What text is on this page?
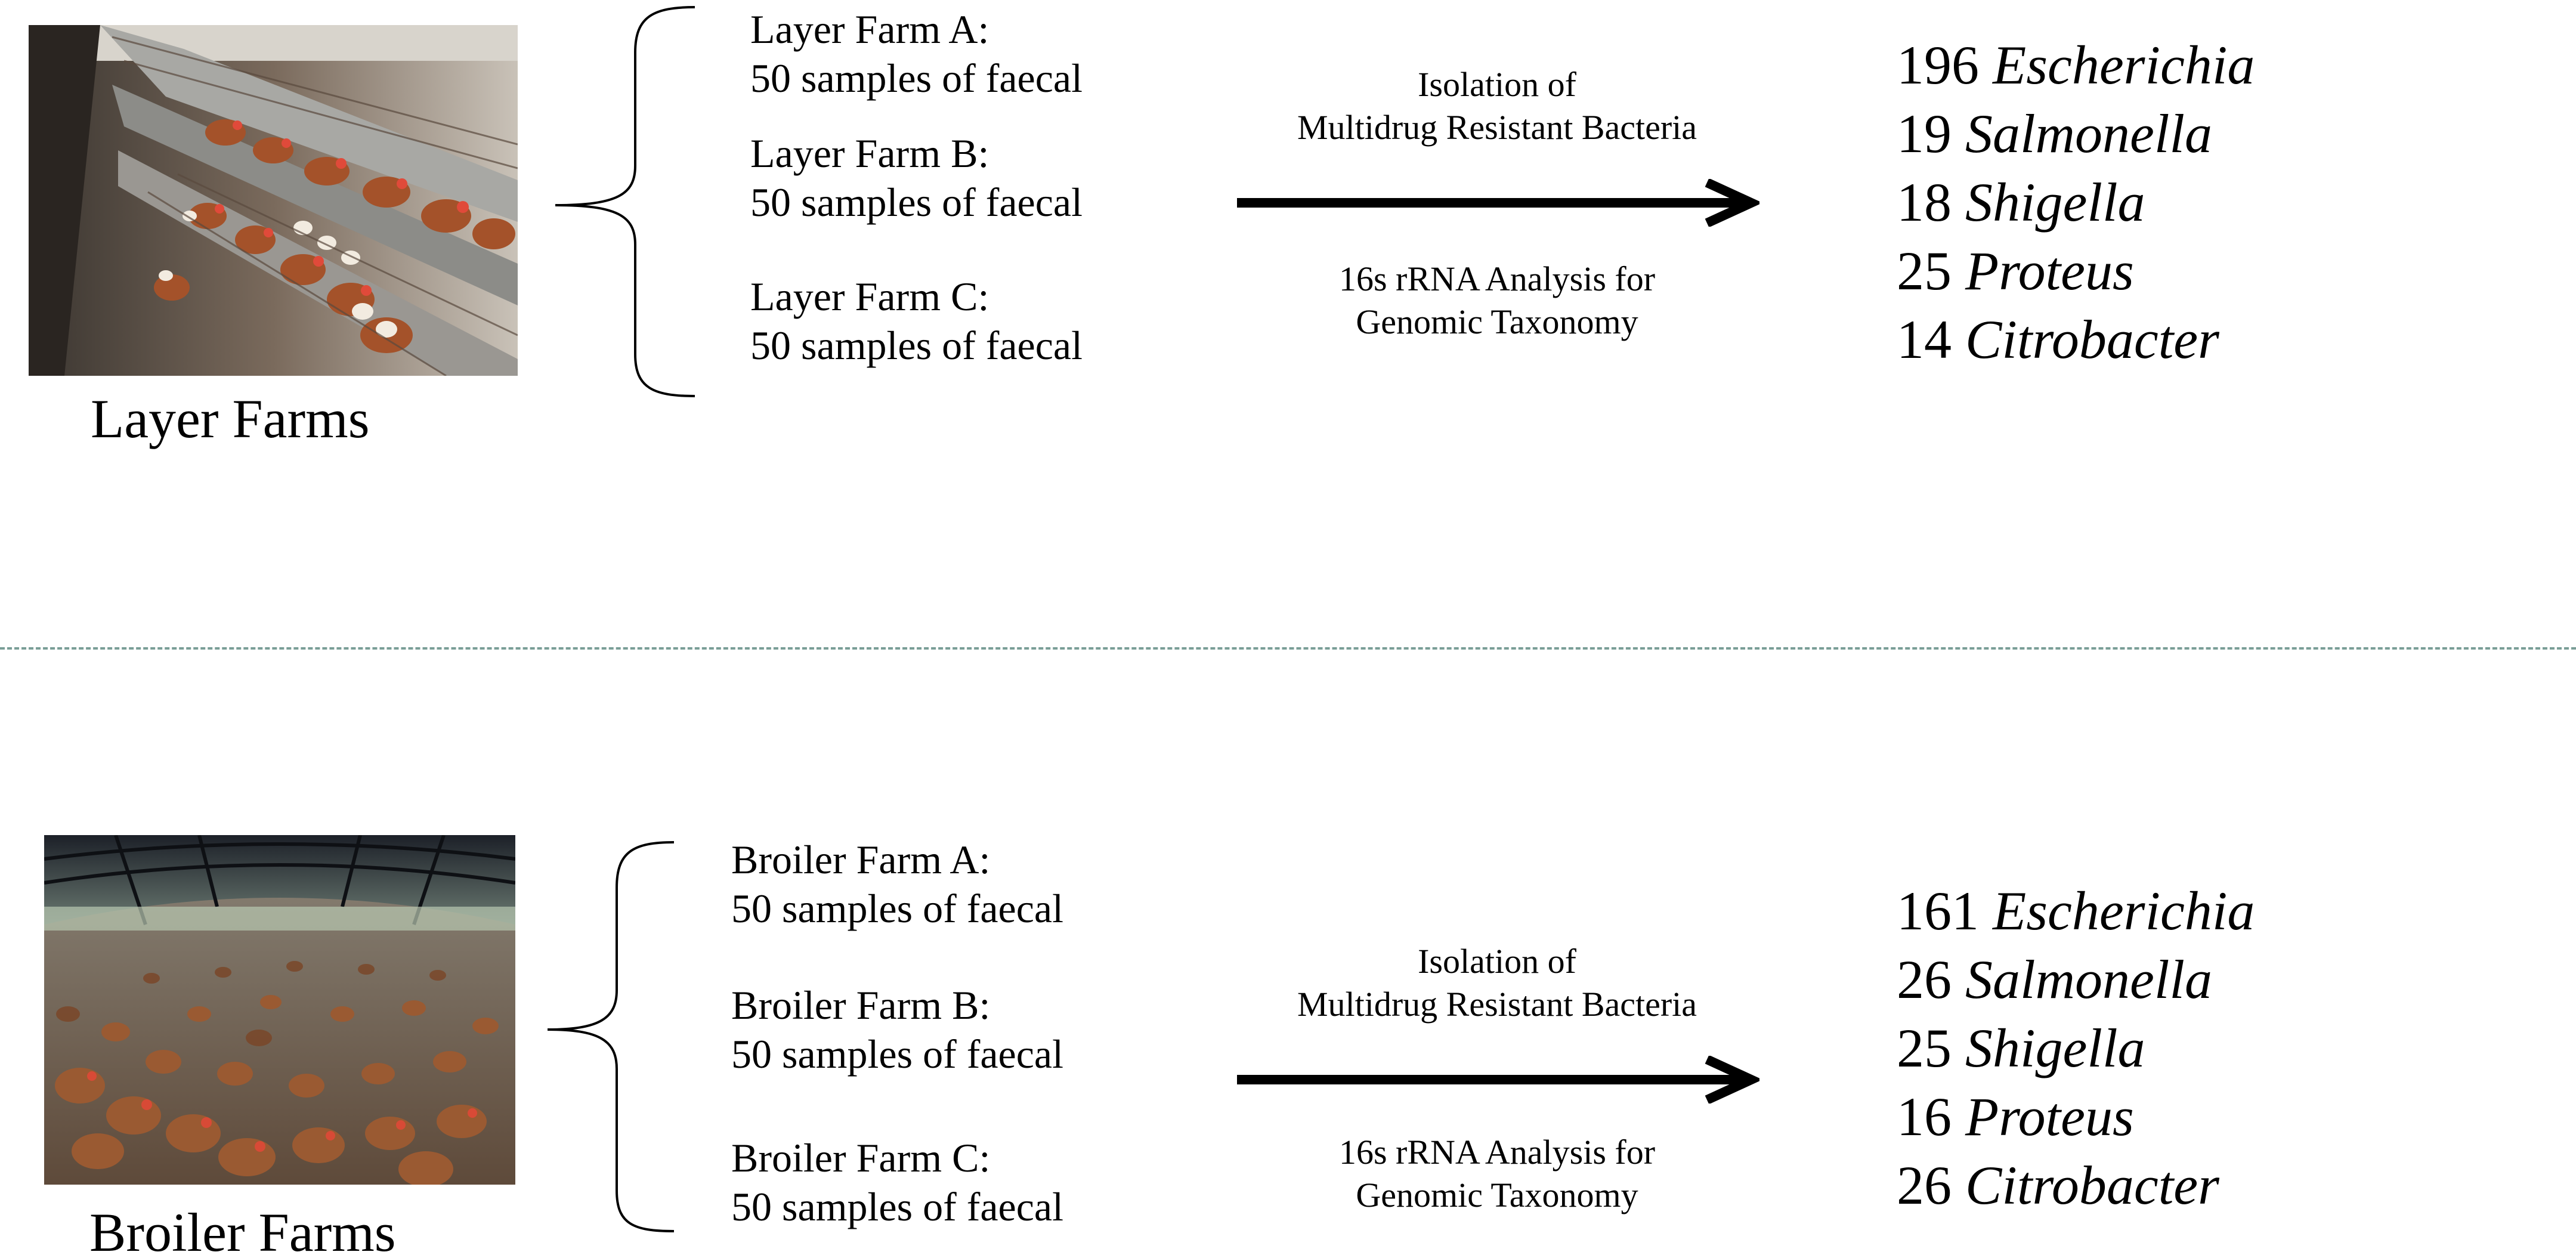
Layer Farms
Layer Farm A:
50 samples of faecal
Layer Farm B:
50 samples of faecal
Layer Farm C:
50 samples of faecal
Isolation of
Multidrug Resistant Bacteria
16s rRNA Analysis for
Genomic Taxonomy
196 Escherichia
19 Salmonella
18 Shigella
25 Proteus
14 Citrobacter
Broiler Farms
Broiler Farm A:
50 samples of faecal
Broiler Farm B:
50 samples of faecal
Broiler Farm C:
50 samples of faecal
Isolation of
Multidrug Resistant Bacteria
16s rRNA Analysis for
Genomic Taxonomy
161 Escherichia
26 Salmonella
25 Shigella
16 Proteus
26 Citrobacter
